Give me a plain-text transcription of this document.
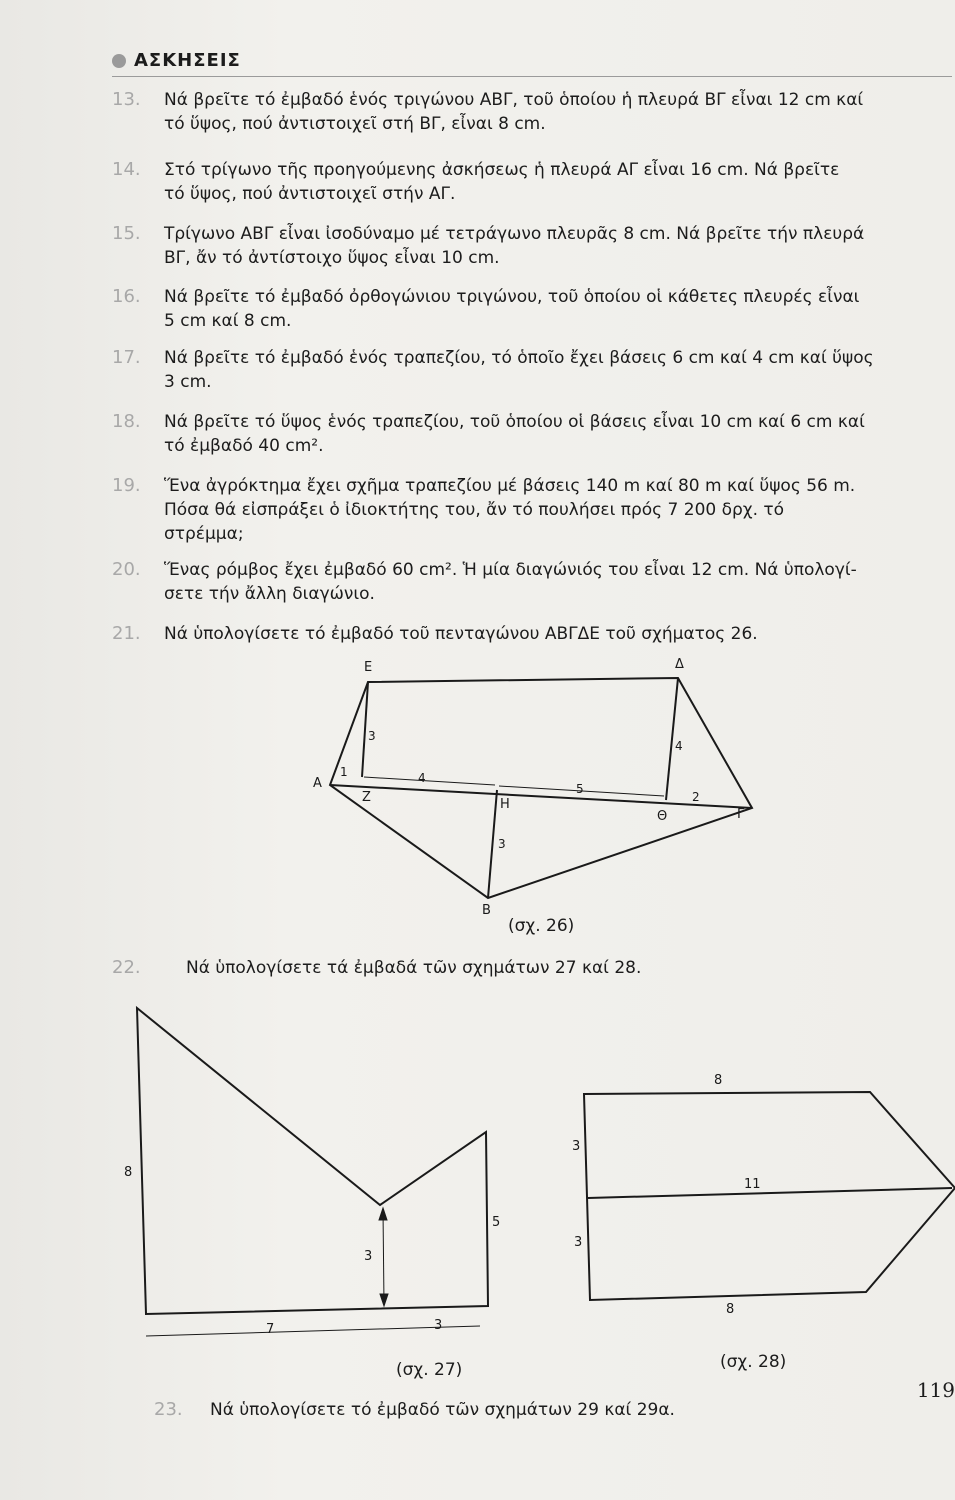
ΑΣΚΗΣΕΙΣ
13.	Νά βρεῖτε τό ἐμβαδό ἑνός τριγώνου ΑΒΓ, τοῦ ὁποίου ἡ πλευρά ΒΓ εἶναι 12 cm καί
τό ὕψος, πού ἀντιστοιχεῖ στή ΒΓ, εἶναι 8 cm.
14.	Στό τρίγωνο τῆς προηγούμενης ἀσκήσεως ἡ πλευρά ΑΓ εἶναι 16 cm. Νά βρεῖτε
τό ὕψος, πού ἀντιστοιχεῖ στήν ΑΓ.
15.	Τρίγωνο ΑΒΓ εἶναι ἰσοδύναμο μέ τετράγωνο πλευρᾶς 8 cm. Νά βρεῖτε τήν πλευρά
ΒΓ, ἄν τό ἀντίστοιχο ὕψος εἶναι 10 cm.
16.	Νά βρεῖτε τό ἐμβαδό ὀρθογώνιου τριγώνου, τοῦ ὁποίου οἱ κάθετες πλευρές εἶναι
5 cm καί 8 cm.
17.	Νά βρεῖτε τό ἐμβαδό ἑνός τραπεζίου, τό ὁποῖο ἔχει βάσεις 6 cm καί 4 cm καί ὕψος
3 cm.
18.	Νά βρεῖτε τό ὕψος ἑνός τραπεζίου, τοῦ ὁποίου οἱ βάσεις εἶναι 10 cm καί 6 cm καί
τό ἐμβαδό 40 cm².
19.	Ἕνα ἀγρόκτημα ἔχει σχῆμα τραπεζίου μέ βάσεις 140 m καί 80 m καί ὕψος 56 m.
Πόσα θά εἰσπράξει ὁ ἰδιοκτήτης του, ἄν τό πουλήσει πρός 7 200 δρχ. τό
στρέμμα;
20.	Ἕνας ρόμβος ἔχει ἐμβαδό 60 cm². Ἡ μία διαγώνιός του εἶναι 12 cm. Νά ὑπολογί-
σετε τήν ἄλλη διαγώνιο.
21.	Νά ὑπολογίσετε τό ἐμβαδό τοῦ πενταγώνου ΑΒΓΔΕ τοῦ σχήματος 26.
Α
Β
Γ
Δ
Ε
Ζ	Η
Θ
1	4
5
2
3
4
3
(σχ. 26)
22.	Νά ὑπολογίσετε τά ἐμβαδά τῶν σχημάτων 27 καί 28.
8
5
3
7	3
8
11
8
3
3
(σχ. 27)	(σχ. 28)
23.	Νά ὑπολογίσετε τό ἐμβαδό τῶν σχημάτων 29 καί 29α.
119
